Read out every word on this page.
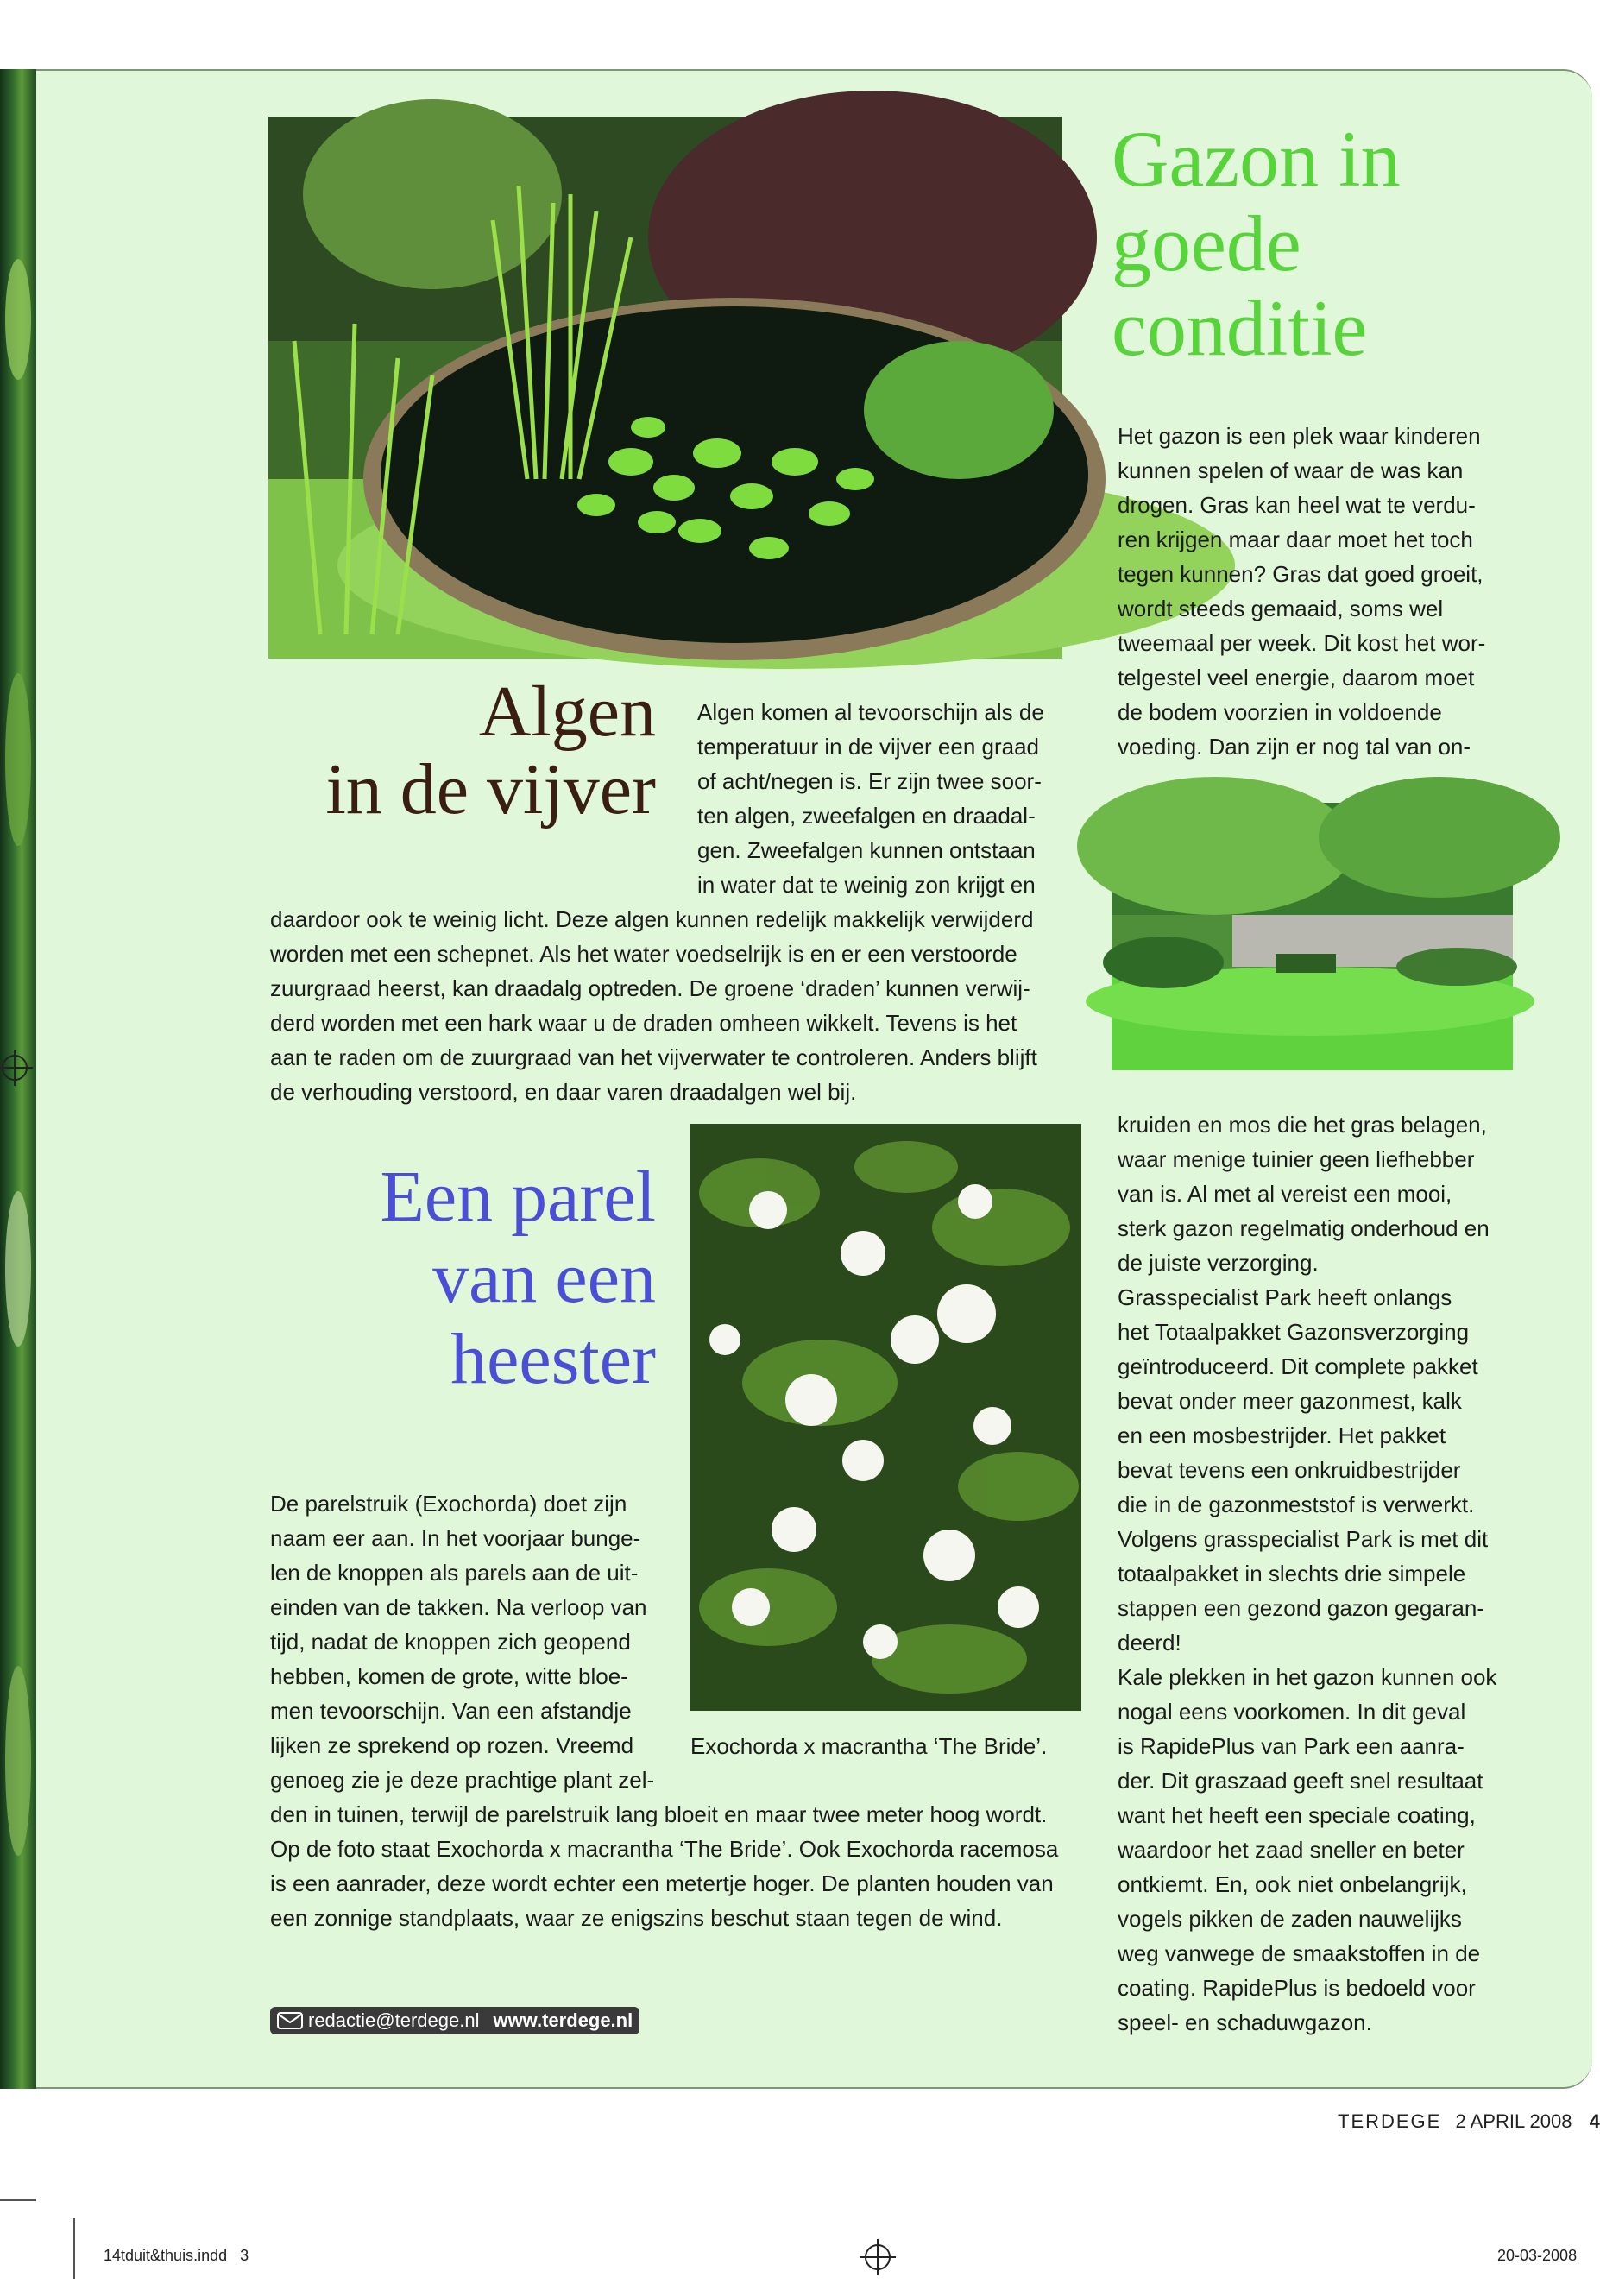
Algen
in de vijver

Algen komen al tevoorschijn als de

temperatuur in de vijver een graad

of acht/negen is. Er zijn twee soor-

ten algen, zweefalgen en draadal-

gen. Zweefalgen kunnen ontstaan

in water dat te weinig zon krijgt en

daardoor ook te weinig licht. Deze algen kunnen redelijk makkelijk verwijderd

worden met een schepnet. Als het water voedselrijk is en er een verstoorde

zuurgraad heerst, kan draadalg optreden. De groene ‘draden’ kunnen verwij-

derd worden met een hark waar u de draden omheen wikkelt. Tevens is het

aan te raden om de zuurgraad van het vijverwater te controleren. Anders blijft

de verhouding verstoord, en daar varen draadalgen wel bij.

Gazon in
goede
conditie

Het gazon is een plek waar kinderen

kunnen spelen of waar de was kan

drogen. Gras kan heel wat te verdu-

ren krijgen maar daar moet het toch

tegen kunnen? Gras dat goed groeit,

wordt steeds gemaaid, soms wel

tweemaal per week. Dit kost het wor-

telgestel veel energie, daarom moet

de bodem voorzien in voldoende

voeding. Dan zijn er nog tal van on-

kruiden en mos die het gras belagen,

waar menige tuinier geen liefhebber

van is. Al met al vereist een mooi,

sterk gazon regelmatig onderhoud en

de juiste verzorging.

Grasspecialist Park heeft onlangs

het Totaalpakket Gazonsverzorging

geïntroduceerd. Dit complete pakket

bevat onder meer gazonmest, kalk

en een mosbestrijder. Het pakket

bevat tevens een onkruidbestrijder

die in de gazonmeststof is verwerkt.

Volgens grasspecialist Park is met dit

totaalpakket in slechts drie simpele

stappen een gezond gazon gegaran-

deerd!

Kale plekken in het gazon kunnen ook

nogal eens voorkomen. In dit geval

is RapidePlus van Park een aanra-

der. Dit graszaad geeft snel resultaat

want het heeft een speciale coating,

waardoor het zaad sneller en beter

ontkiemt. En, ook niet onbelangrijk,

vogels pikken de zaden nauwelijks

weg vanwege de smaakstoffen in de

coating. RapidePlus is bedoeld voor

speel- en schaduwgazon.

Een parel
van een
heester

De parelstruik (Exochorda) doet zijn

naam eer aan. In het voorjaar bunge-

len de knoppen als parels aan de uit-

einden van de takken. Na verloop van

tijd, nadat de knoppen zich geopend

hebben, komen de grote, witte bloe-

men tevoorschijn. Van een afstandje

lijken ze sprekend op rozen. Vreemd

genoeg zie je deze prachtige plant zel-

Exochorda x macrantha ‘The Bride’.

den in tuinen, terwijl de parelstruik lang bloeit en maar twee meter hoog wordt.

Op de foto staat Exochorda x macrantha ‘The Bride’. Ook Exochorda racemosa

is een aanrader, deze wordt echter een metertje hoger. De planten houden van

een zonnige standplaats, waar ze enigszins beschut staan tegen de wind.

redactie@terdege.nl www.terdege.nl
TERDEGE 2 APRIL 2008 4
14tduit&thuis.indd   3	20-03-2008
